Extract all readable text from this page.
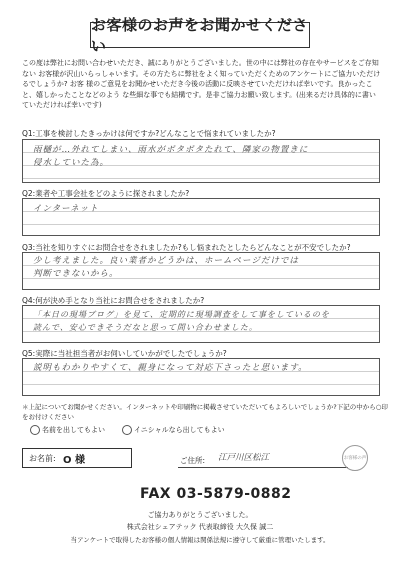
お客様のお声をお聞かせください
この度は弊社にお問い合わせいただき、誠にありがとうございました。世の中には弊社の存在やサービスをご存知ない お客様が沢山いらっしゃいます。その方たちに弊社をよく知っていただくためのアンケートにご協力いただけるでしょうか? お客 様のご意見をお聞かせいただき今後の活動に反映させていただければ幸いです。良かったこと、嬉しかったことなどのよう な些細な事でも結構です。是非ご協力お願い致します。(出来るだけ具体的に書いていただければ幸いです)
Q1:工事を検討したきっかけは何ですか?どんなことで悩まれていましたか?
雨樋が…外れてしまい、雨水がボタボタたれて、隣家の物置きに
侵水していた為。
Q2:業者や工事会社をどのように探されましたか?
インターネット
Q3:当社を知りすぐにお問合せをされましたか?もし悩まれたとしたらどんなことが不安でしたか?
少し考えました。良い業者かどうかは、ホームページだけでは
判断できないから。
Q4:何が決め手となり当社にお問合せをされましたか?
「本日の現場ブログ」を見て、定期的に現場調査をして事をしているのを
読んで、安心できそうだなと思って問い合わせました。
Q5:実際に当社担当者がお伺いしていかがでしたでしょうか?
説明もわかりやすくて、親身になって対応下さったと思います。
＊上記についてお聞かせください。インターネットや印刷物に掲載させていただいてもよろしいでしょうか?下記の中から○印
をお付けください
名前を出してもよい	イニシャルなら出してもよい
お名前: O 様	ご住所: 江戸川区松江	お客様の声
FAX 03-5879-0882
ご協力ありがとうございました。
株式会社シェアテック 代表取締役 大久保 誠二
当アンケートで取得したお客様の個人情報は関係法規に遵守して厳重に管理いたします。
